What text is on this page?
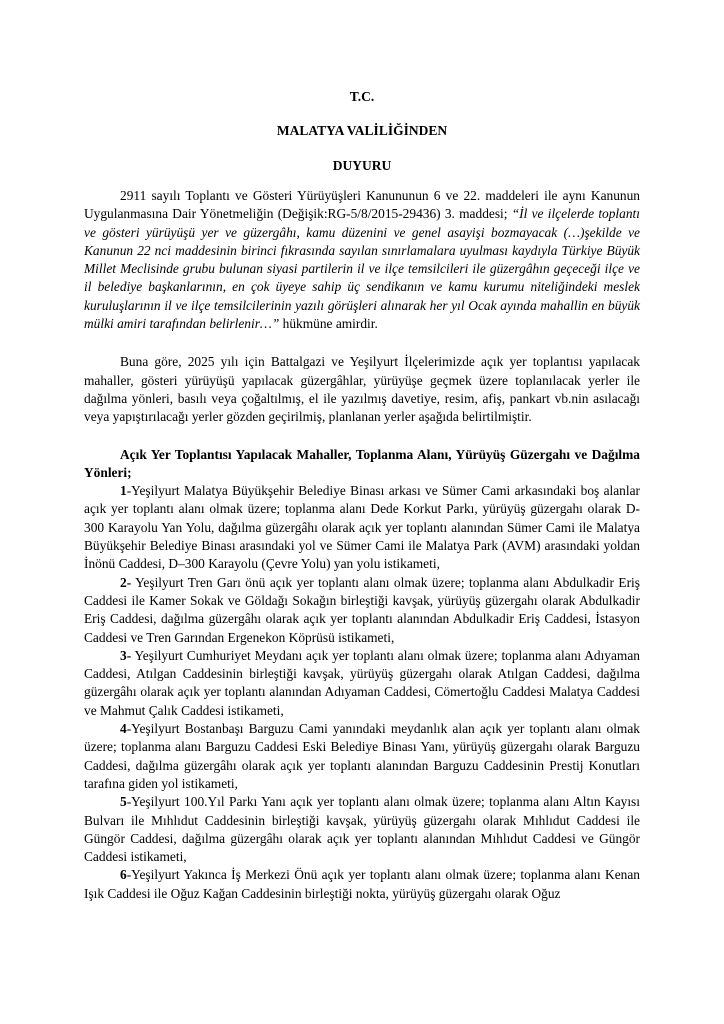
T.C.
MALATYA VALİLİĞİNDEN
DUYURU

2911 sayılı Toplantı ve Gösteri Yürüyüşleri Kanununun 6 ve 22. maddeleri ile aynı Kanunun Uygulanmasına Dair Yönetmeliğin (Değişik:RG-5/8/2015-29436) 3. maddesi; “İl ve ilçelerde toplantı ve gösteri yürüyüşü yer ve güzergâhı, kamu düzenini ve genel asayişi bozmayacak (…)şekilde ve Kanunun 22 nci maddesinin birinci fıkrasında sayılan sınırlamalara uyulması kaydıyla Türkiye Büyük Millet Meclisinde grubu bulunan siyasi partilerin il ve ilçe temsilcileri ile güzergâhın geçeceği ilçe ve il belediye başkanlarının, en çok üyeye sahip üç sendikanın ve kamu kurumu niteliğindeki meslek kuruluşlarının il ve ilçe temsilcilerinin yazılı görüşleri alınarak her yıl Ocak ayında mahallin en büyük mülki amiri tarafından belirlenir…” hükmüne amirdir.

Buna göre, 2025 yılı için Battalgazi ve Yeşilyurt İlçelerimizde açık yer toplantısı yapılacak mahaller, gösteri yürüyüşü yapılacak güzergâhlar, yürüyüşe geçmek üzere toplanılacak yerler ile dağılma yönleri, basılı veya çoğaltılmış, el ile yazılmış davetiye, resim, afiş, pankart vb.nin asılacağı veya yapıştırılacağı yerler gözden geçirilmiş, planlanan yerler aşağıda belirtilmiştir.

Açık Yer Toplantısı Yapılacak Mahaller, Toplanma Alanı, Yürüyüş Güzergahı ve Dağılma Yönleri;

1-Yeşilyurt Malatya Büyükşehir Belediye Binası arkası ve Sümer Cami arkasındaki boş alanlar açık yer toplantı alanı olmak üzere; toplanma alanı Dede Korkut Parkı, yürüyüş güzergahı olarak D-300 Karayolu Yan Yolu, dağılma güzergâhı olarak açık yer toplantı alanından Sümer Cami ile Malatya Büyükşehir Belediye Binası arasındaki yol ve Sümer Cami ile Malatya Park (AVM) arasındaki yoldan İnönü Caddesi, D–300 Karayolu (Çevre Yolu) yan yolu istikameti,

2- Yeşilyurt Tren Garı önü açık yer toplantı alanı olmak üzere; toplanma alanı Abdulkadir Eriş Caddesi ile Kamer Sokak ve Göldağı Sokağın birleştiği kavşak, yürüyüş güzergahı olarak Abdulkadir Eriş Caddesi, dağılma güzergâhı olarak açık yer toplantı alanından Abdulkadir Eriş Caddesi, İstasyon Caddesi ve Tren Garından Ergenekon Köprüsü istikameti,

3- Yeşilyurt Cumhuriyet Meydanı açık yer toplantı alanı olmak üzere; toplanma alanı Adıyaman Caddesi, Atılgan Caddesinin birleştiği kavşak, yürüyüş güzergahı olarak Atılgan Caddesi, dağılma güzergâhı olarak açık yer toplantı alanından Adıyaman Caddesi, Cömertoğlu Caddesi Malatya Caddesi ve Mahmut Çalık Caddesi istikameti,

4-Yeşilyurt Bostanbaşı Barguzu Cami yanındaki meydanlık alan açık yer toplantı alanı olmak üzere; toplanma alanı Barguzu Caddesi Eski Belediye Binası Yanı, yürüyüş güzergahı olarak Barguzu Caddesi, dağılma güzergâhı olarak açık yer toplantı alanından Barguzu Caddesinin Prestij Konutları tarafına giden yol istikameti,

5-Yeşilyurt 100.Yıl Parkı Yanı açık yer toplantı alanı olmak üzere; toplanma alanı Altın Kayısı Bulvarı ile Mıhlıdut Caddesinin birleştiği kavşak, yürüyüş güzergahı olarak Mıhlıdut Caddesi ile Güngör Caddesi, dağılma güzergâhı olarak açık yer toplantı alanından Mıhlıdut Caddesi ve Güngör Caddesi istikameti,

6-Yeşilyurt Yakınca İş Merkezi Önü açık yer toplantı alanı olmak üzere; toplanma alanı Kenan Işık Caddesi ile Oğuz Kağan Caddesinin birleştiği nokta, yürüyüş güzergahı olarak Oğuz
